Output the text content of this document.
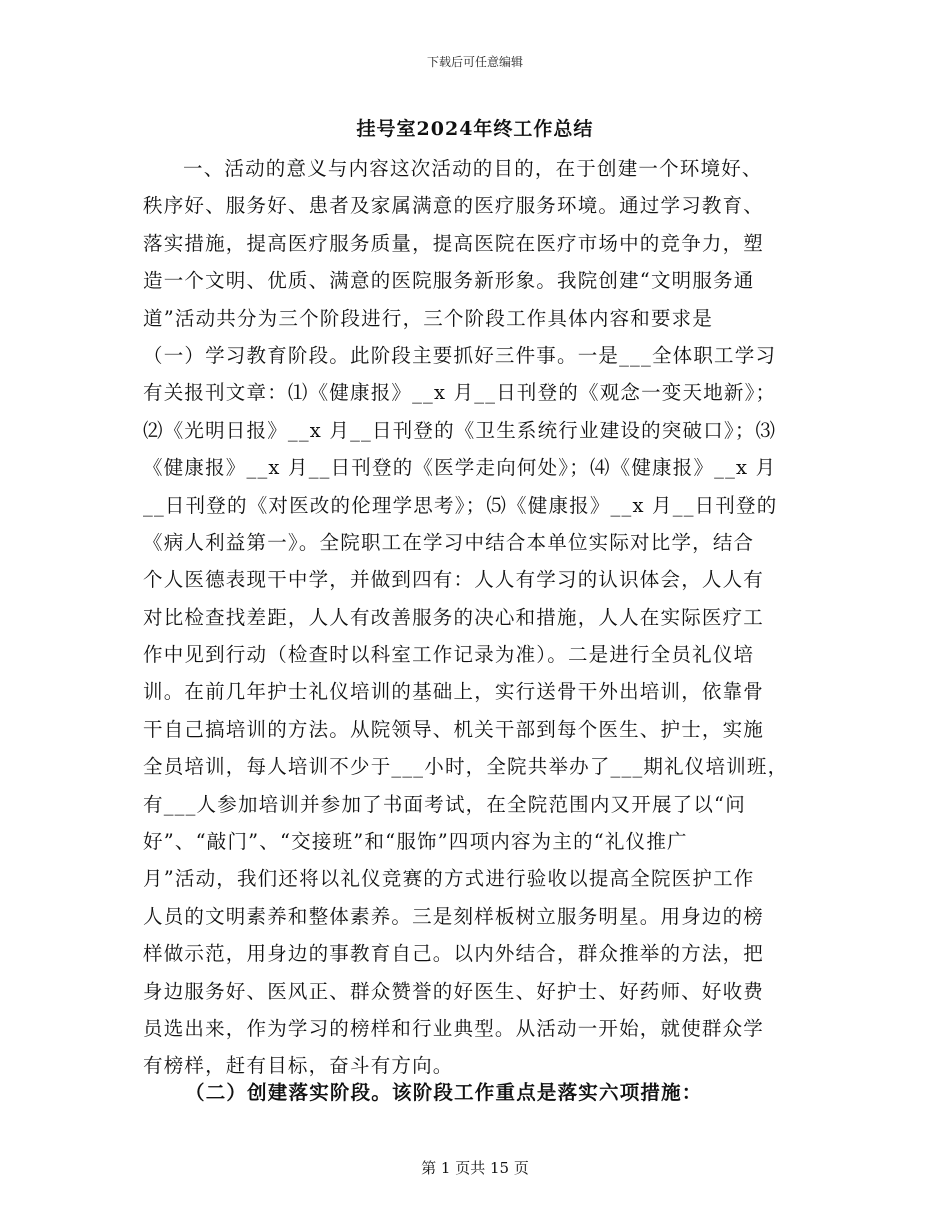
下载后可任意编辑
挂号室2024年终工作总结
一、活动的意义与内容这次活动的目的，在于创建一个环境好、
秩序好、服务好、患者及家属满意的医疗服务环境。通过学习教育、
落实措施，提高医疗服务质量，提高医院在医疗市场中的竞争力，塑
造一个文明、优质、满意的医院服务新形象。我院创建“文明服务通
道”活动共分为三个阶段进行，三个阶段工作具体内容和要求是
（一）学习教育阶段。此阶段主要抓好三件事。一是___全体职工学习
有关报刊文章：⑴《健康报》__x 月__日刊登的《观念一变天地新》；
⑵《光明日报》__x 月__日刊登的《卫生系统行业建设的突破口》；⑶
《健康报》__x 月__日刊登的《医学走向何处》；⑷《健康报》__x 月
__日刊登的《对医改的伦理学思考》；⑸《健康报》__x 月__日刊登的
《病人利益第一》。全院职工在学习中结合本单位实际对比学，结合
个人医德表现干中学，并做到四有：人人有学习的认识体会，人人有
对比检查找差距，人人有改善服务的决心和措施，人人在实际医疗工
作中见到行动（检查时以科室工作记录为准）。二是进行全员礼仪培
训。在前几年护士礼仪培训的基础上，实行送骨干外出培训，依靠骨
干自己搞培训的方法。从院领导、机关干部到每个医生、护士，实施
全员培训，每人培训不少于___小时，全院共举办了___期礼仪培训班，
有___人参加培训并参加了书面考试，在全院范围内又开展了以“问
好”、“敲门”、“交接班”和“服饰”四项内容为主的“礼仪推广
月”活动，我们还将以礼仪竞赛的方式进行验收以提高全院医护工作
人员的文明素养和整体素养。三是刻样板树立服务明星。用身边的榜
样做示范，用身边的事教育自己。以内外结合，群众推举的方法，把
身边服务好、医风正、群众赞誉的好医生、好护士、好药师、好收费
员选出来，作为学习的榜样和行业典型。从活动一开始，就使群众学
有榜样，赶有目标，奋斗有方向。
（二）创建落实阶段。该阶段工作重点是落实六项措施：
第 1 页共 15 页
